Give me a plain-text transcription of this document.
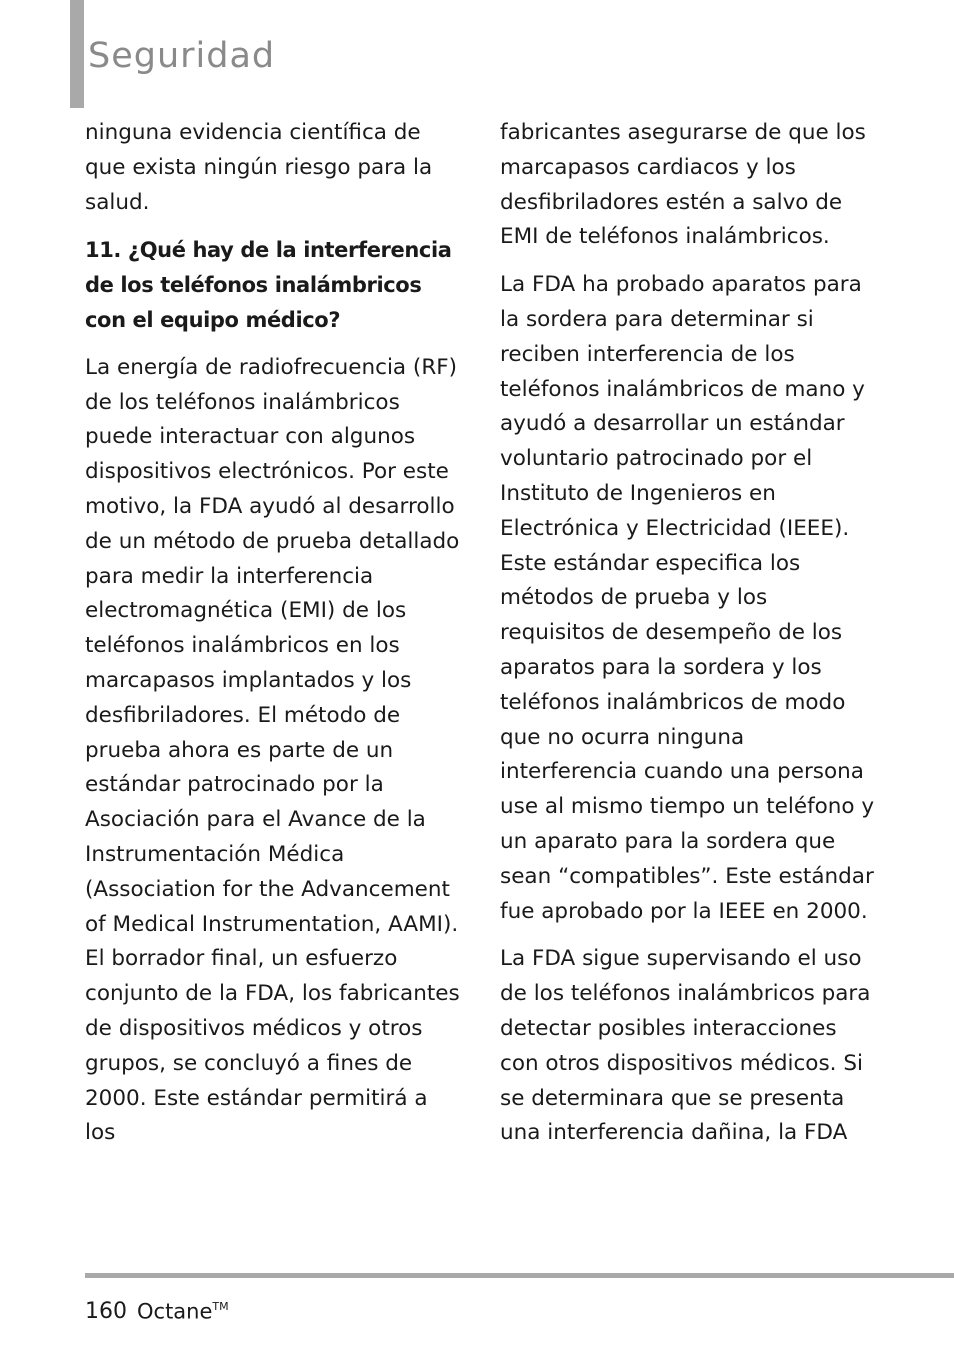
Seguridad

ninguna evidencia científica de que exista ningún riesgo para la salud.

11. ¿Qué hay de la interferencia de los teléfonos inalámbricos con el equipo médico?

La energía de radiofrecuencia (RF) de los teléfonos inalámbricos puede interactuar con algunos dispositivos electrónicos. Por este motivo, la FDA ayudó al desarrollo de un método de prueba detallado para medir la interferencia electromagnética (EMI) de los teléfonos inalámbricos en los marcapasos implantados y los desfibriladores. El método de prueba ahora es parte de un estándar patrocinado por la Asociación para el Avance de la Instrumentación Médica (Association for the Advancement of Medical Instrumentation, AAMI). El borrador final, un esfuerzo conjunto de la FDA, los fabricantes de dispositivos médicos y otros grupos, se concluyó a fines de 2000. Este estándar permitirá a los

fabricantes asegurarse de que los marcapasos cardiacos y los desfibriladores estén a salvo de EMI de teléfonos inalámbricos.

La FDA ha probado aparatos para la sordera para determinar si reciben interferencia de los teléfonos inalámbricos de mano y ayudó a desarrollar un estándar voluntario patrocinado por el Instituto de Ingenieros en Electrónica y Electricidad (IEEE). Este estándar especifica los métodos de prueba y los requisitos de desempeño de los aparatos para la sordera y los teléfonos inalámbricos de modo que no ocurra ninguna interferencia cuando una persona use al mismo tiempo un teléfono y un aparato para la sordera que sean “compatibles”. Este estándar fue aprobado por la IEEE en 2000.

La FDA sigue supervisando el uso de los teléfonos inalámbricos para detectar posibles interacciones con otros dispositivos médicos. Si se determinara que se presenta una interferencia dañina, la FDA

160 Octane™
